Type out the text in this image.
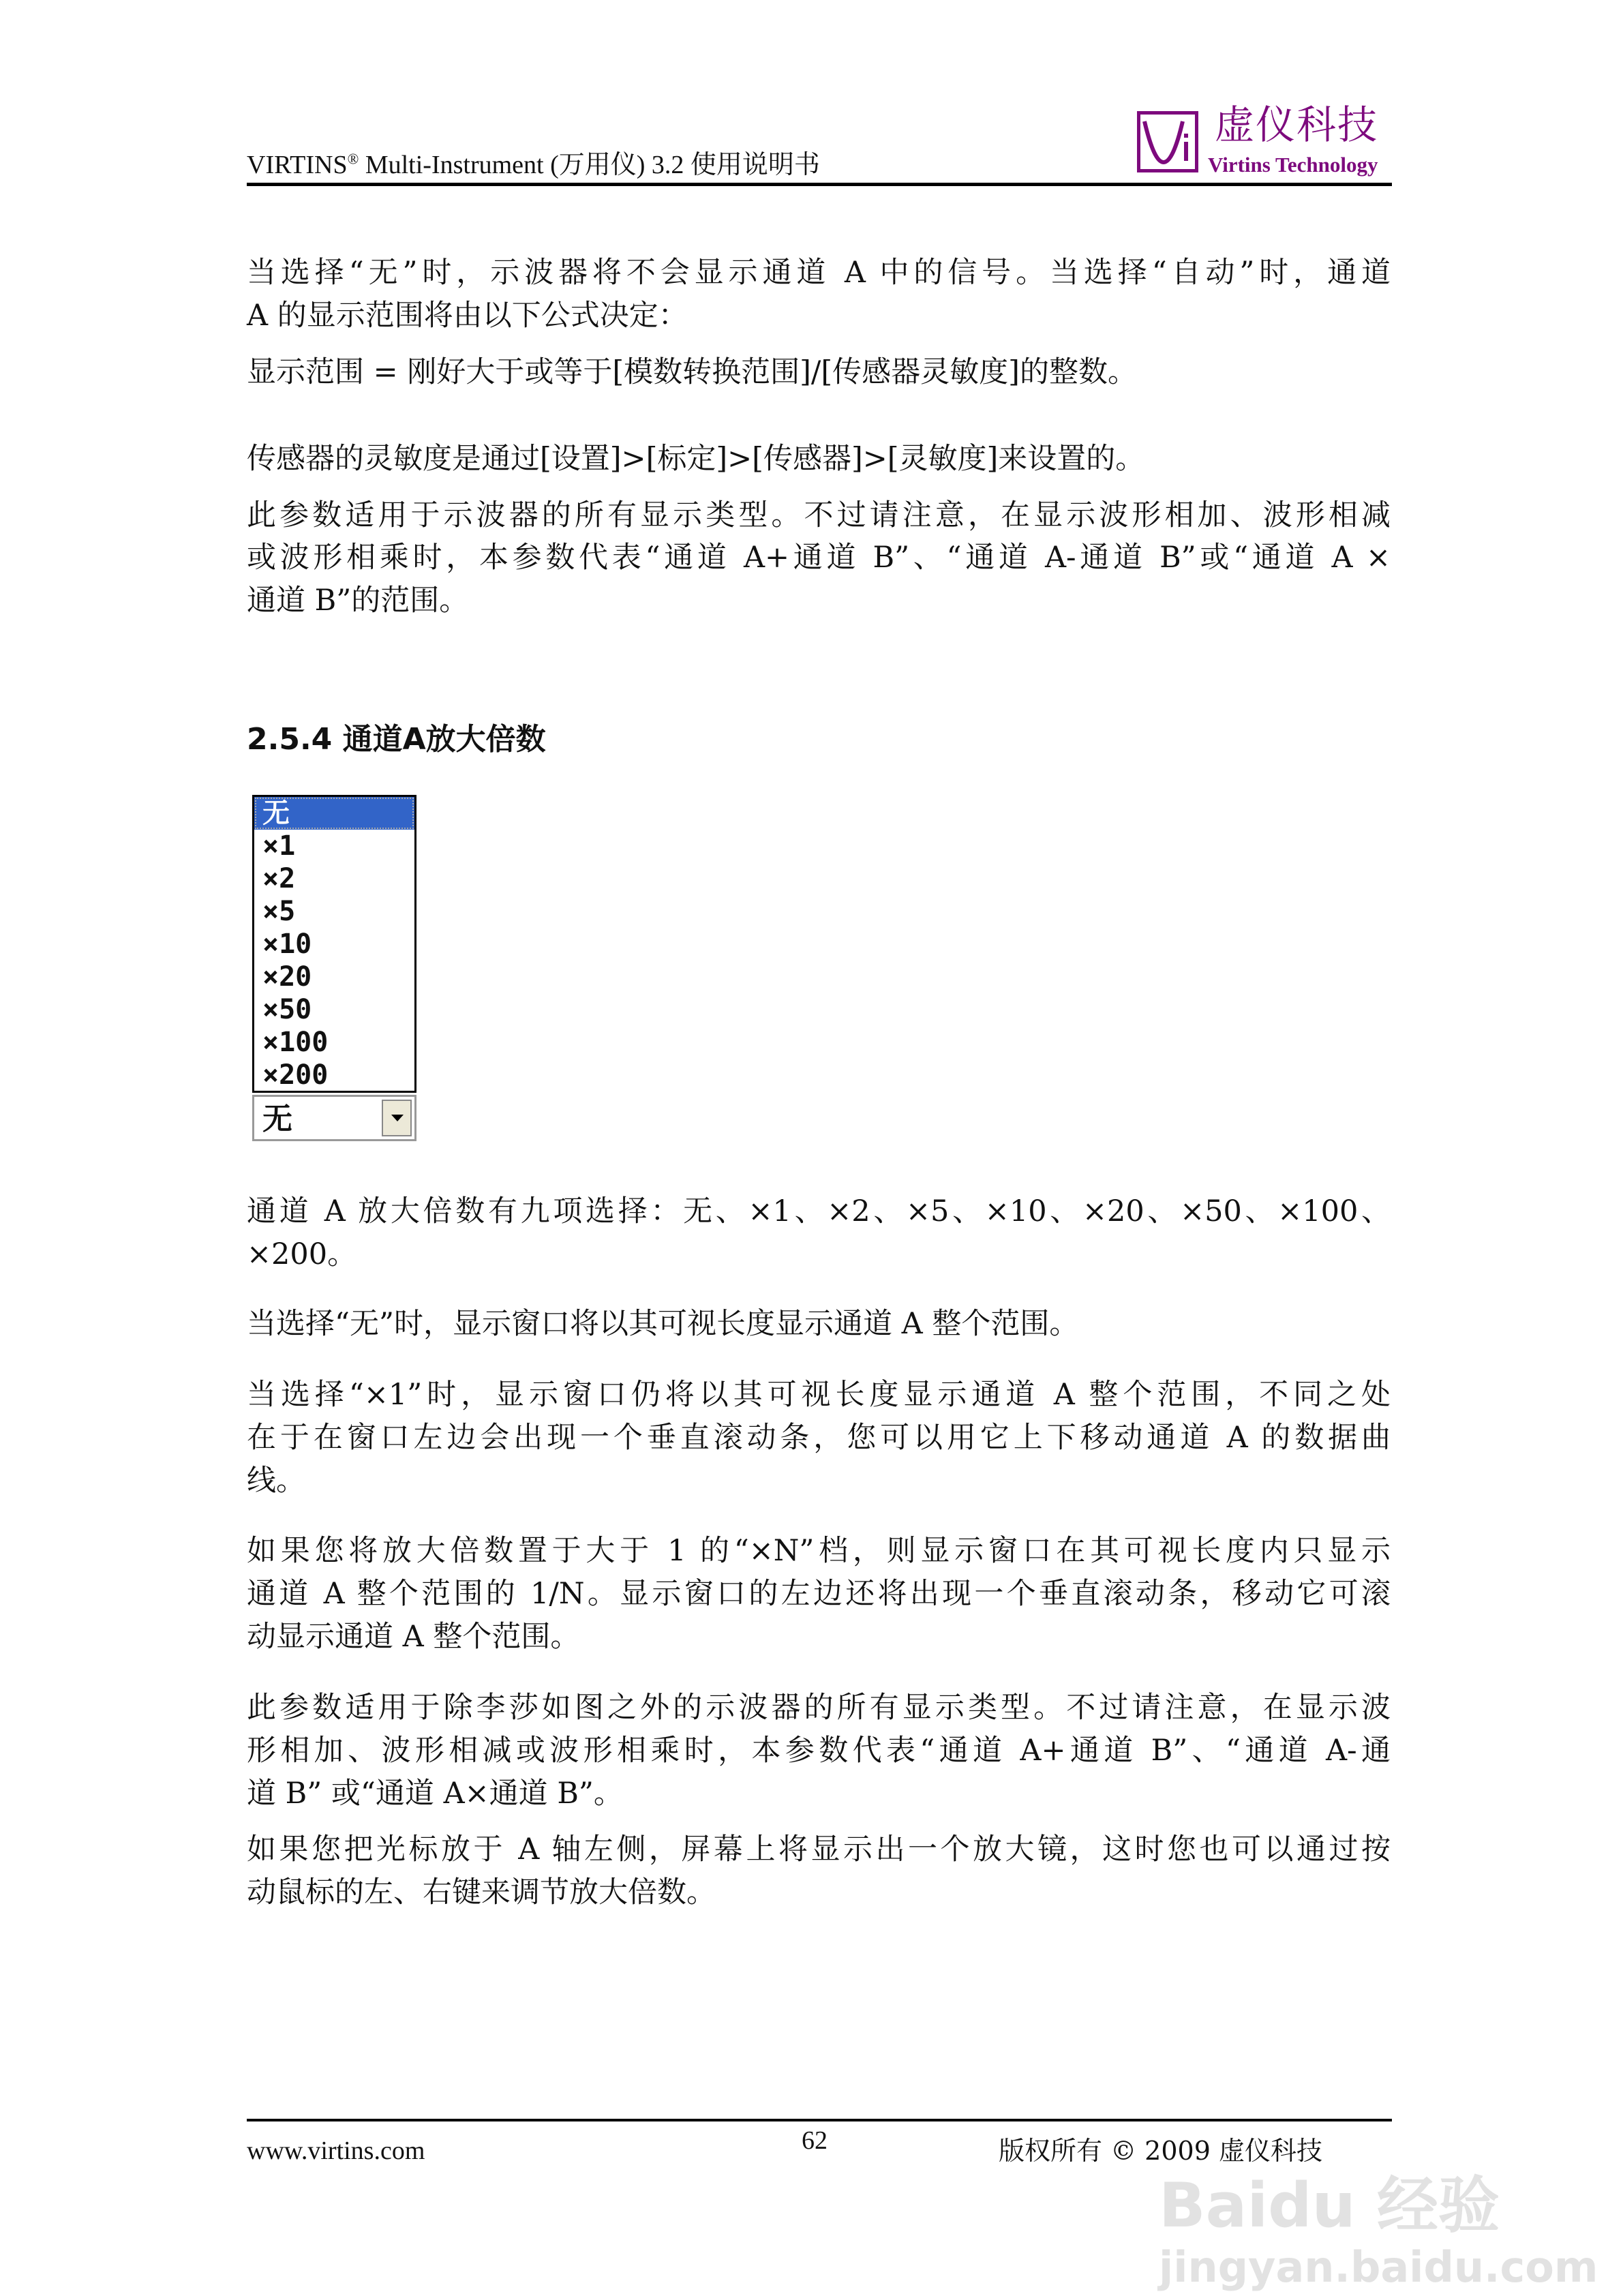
VIRTINS® Multi-Instrument (万用仪) 3.2 使用说明书
虚仪科技
Virtins Technology
当选择“无”时，示波器将不会显示通道 A 中的信号。当选择“自动”时，通道
A 的显示范围将由以下公式决定：
显示范围 = 刚好大于或等于[模数转换范围]/[传感器灵敏度]的整数。
传感器的灵敏度是通过[设置]>[标定]>[传感器]>[灵敏度]来设置的。
此参数适用于示波器的所有显示类型。不过请注意，在显示波形相加、波形相减
或波形相乘时，本参数代表“通道 A+通道 B”、“通道 A-通道 B”或“通道 A ×
通道 B”的范围。
2.5.4 通道A放大倍数
无
×1
×2
×5
×10
×20
×50
×100
×200
无
通道 A 放大倍数有九项选择：无、×1、×2、×5、×10、×20、×50、×100、
×200。
当选择“无”时，显示窗口将以其可视长度显示通道 A 整个范围。
当选择“×1”时，显示窗口仍将以其可视长度显示通道 A 整个范围，不同之处
在于在窗口左边会出现一个垂直滚动条，您可以用它上下移动通道 A 的数据曲
线。
如果您将放大倍数置于大于 1 的“×N”档，则显示窗口在其可视长度内只显示
通道 A 整个范围的 1/N。显示窗口的左边还将出现一个垂直滚动条，移动它可滚
动显示通道 A 整个范围。
此参数适用于除李莎如图之外的示波器的所有显示类型。不过请注意，在显示波
形相加、波形相减或波形相乘时，本参数代表“通道 A+通道 B”、“通道 A-通
道 B” 或“通道 A×通道 B”。
如果您把光标放于 A 轴左侧，屏幕上将显示出一个放大镜，这时您也可以通过按
动鼠标的左、右键来调节放大倍数。
www.virtins.com	62	版权所有 © 2009 虚仪科技
Baidu 经验
jingyan.baidu.com
